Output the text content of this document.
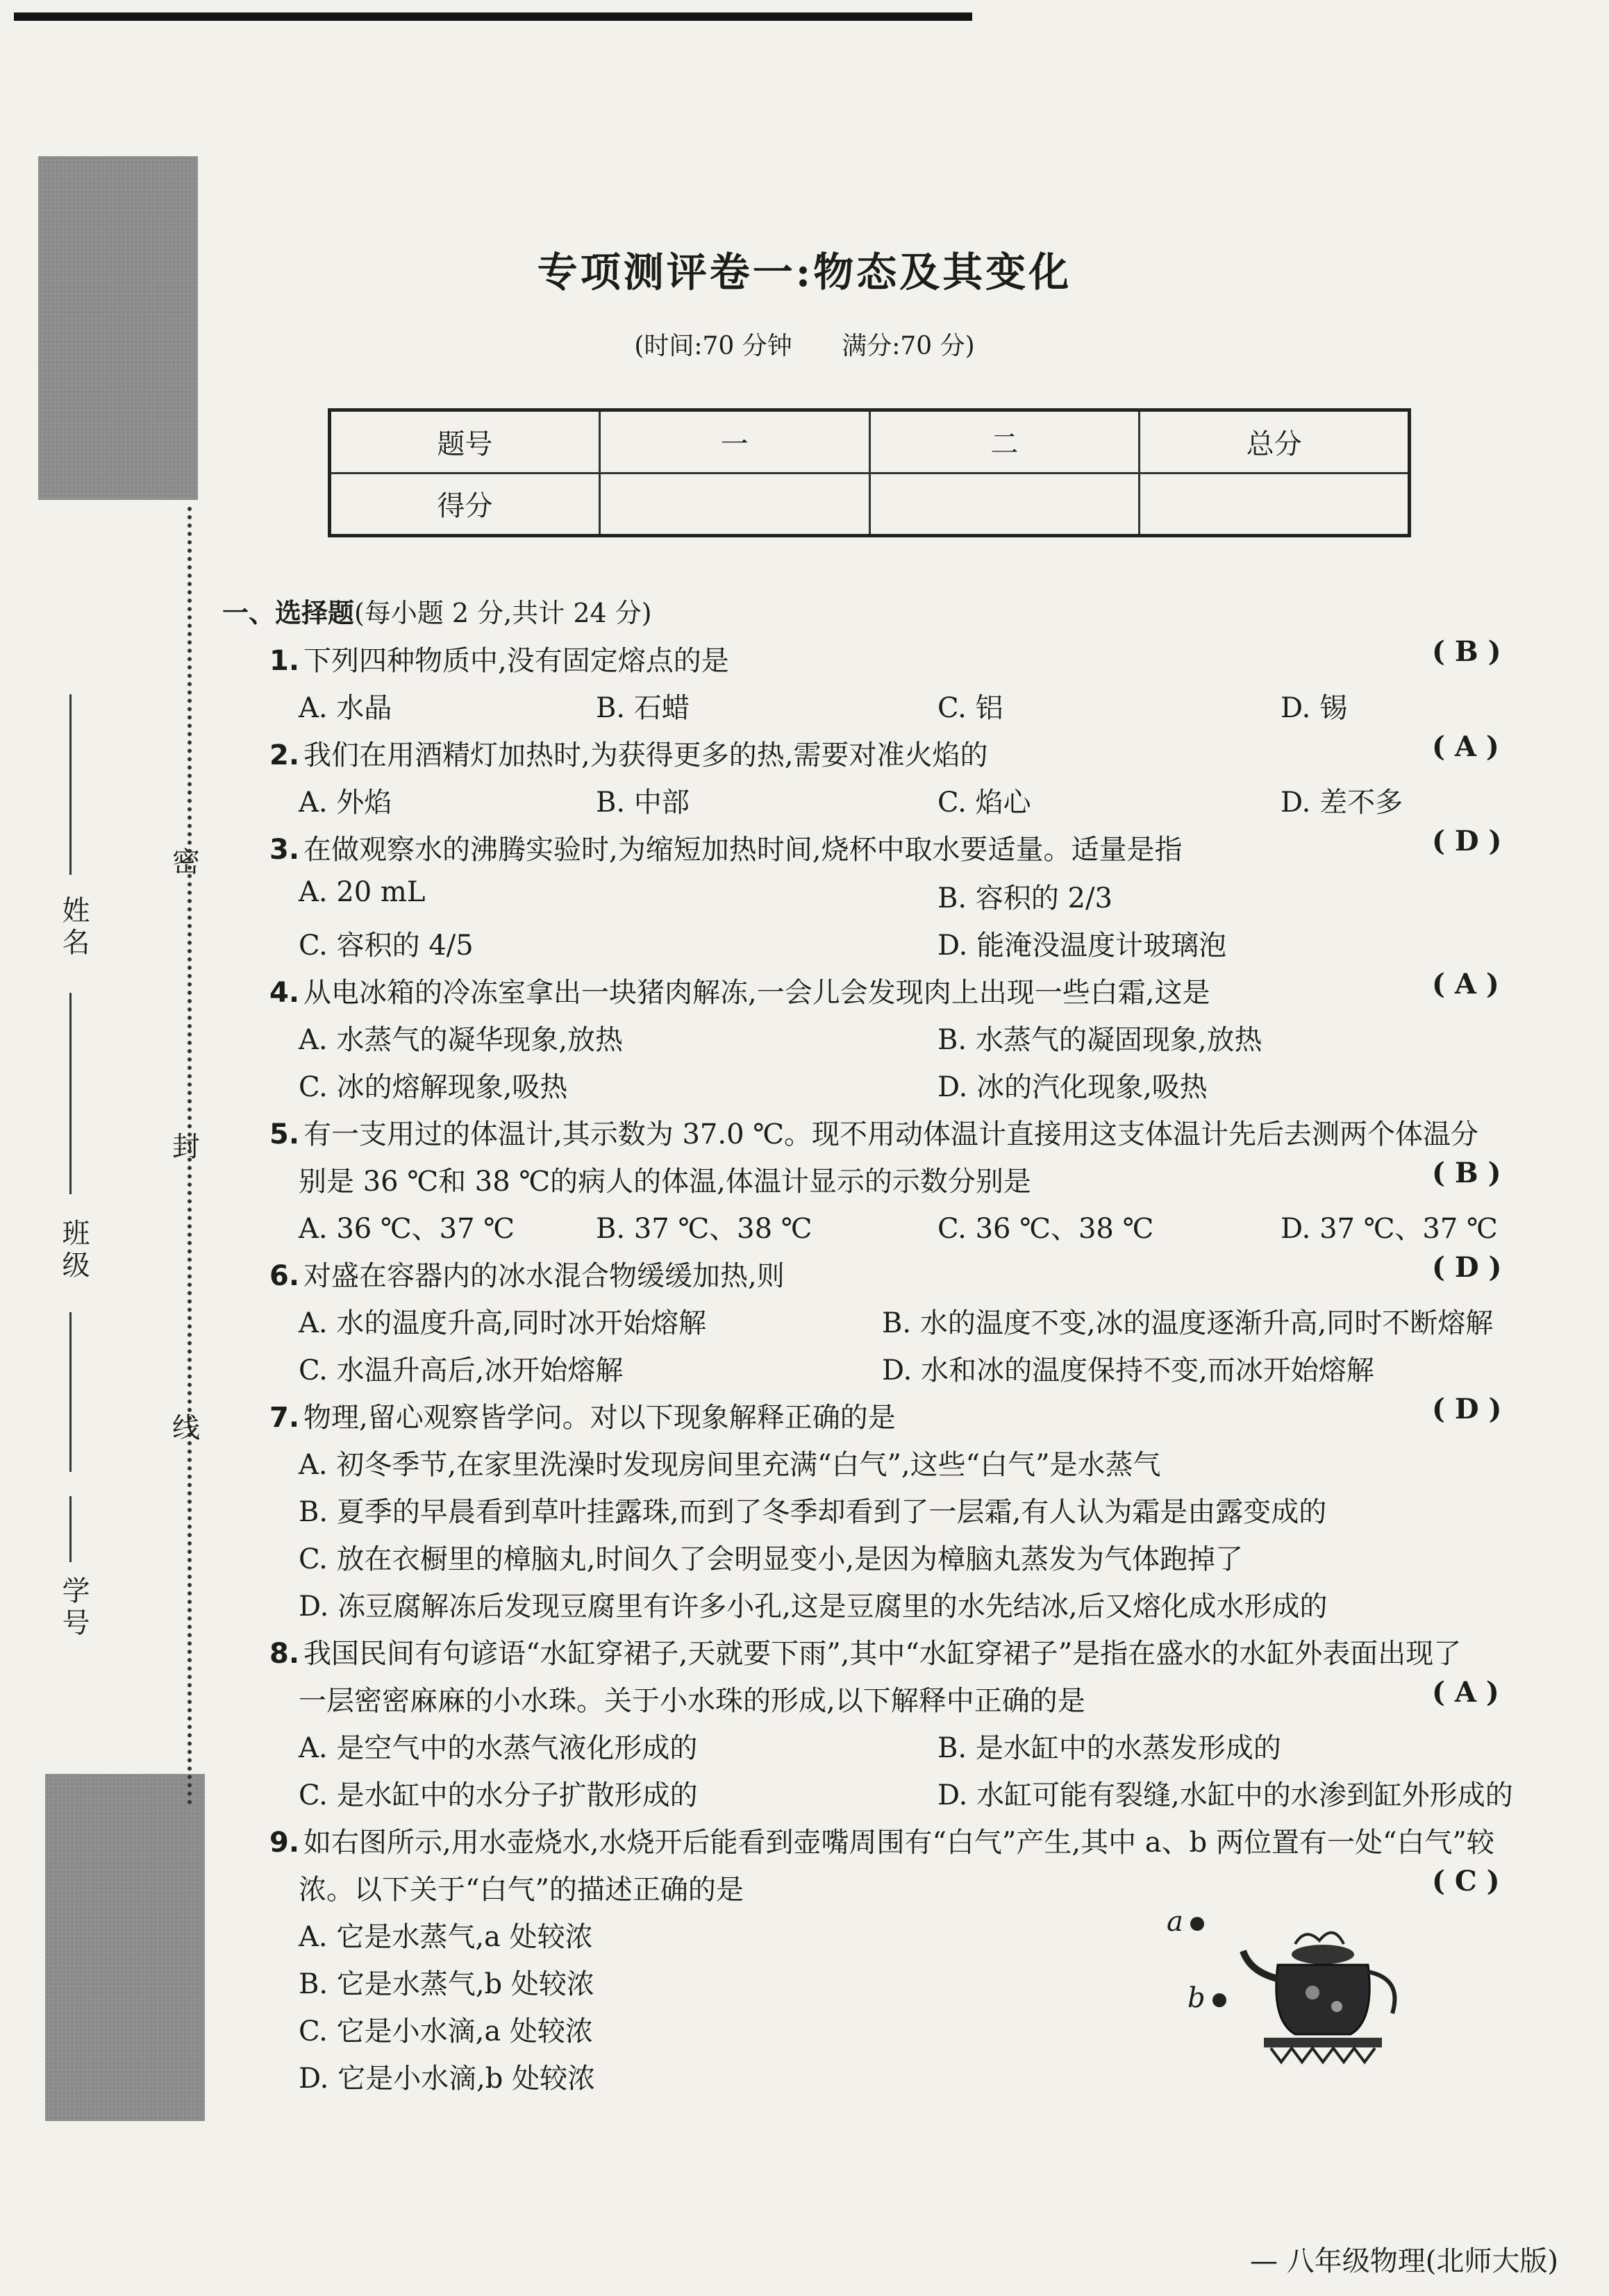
姓名
班级
学号
密
封
线
专项测评卷一:物态及其变化
(时间:70 分钟 满分:70 分)
题号	一	二	总分
得分			
一、选择题(每小题 2 分,共计 24 分)
1. 下列四种物质中,没有固定熔点的是	( B )
A. 水晶	B. 石蜡	C. 铝	D. 锡
2. 我们在用酒精灯加热时,为获得更多的热,需要对准火焰的	( A )
A. 外焰	B. 中部	C. 焰心	D. 差不多
3. 在做观察水的沸腾实验时,为缩短加热时间,烧杯中取水要适量。适量是指	( D )
A. 20 mL	B. 容积的 2/3
C. 容积的 4/5	D. 能淹没温度计玻璃泡
4. 从电冰箱的冷冻室拿出一块猪肉解冻,一会儿会发现肉上出现一些白霜,这是	( A )
A. 水蒸气的凝华现象,放热	B. 水蒸气的凝固现象,放热
C. 冰的熔解现象,吸热	D. 冰的汽化现象,吸热
5. 有一支用过的体温计,其示数为 37.0 ℃。现不用动体温计直接用这支体温计先后去测两个体温分
别是 36 ℃和 38 ℃的病人的体温,体温计显示的示数分别是	( B )
A. 36 ℃、37 ℃	B. 37 ℃、38 ℃	C. 36 ℃、38 ℃	D. 37 ℃、37 ℃
6. 对盛在容器内的冰水混合物缓缓加热,则	( D )
A. 水的温度升高,同时冰开始熔解	B. 水的温度不变,冰的温度逐渐升高,同时不断熔解
C. 水温升高后,冰开始熔解	D. 水和冰的温度保持不变,而冰开始熔解
7. 物理,留心观察皆学问。对以下现象解释正确的是	( D )
A. 初冬季节,在家里洗澡时发现房间里充满“白气”,这些“白气”是水蒸气
B. 夏季的早晨看到草叶挂露珠,而到了冬季却看到了一层霜,有人认为霜是由露变成的
C. 放在衣橱里的樟脑丸,时间久了会明显变小,是因为樟脑丸蒸发为气体跑掉了
D. 冻豆腐解冻后发现豆腐里有许多小孔,这是豆腐里的水先结冰,后又熔化成水形成的
8. 我国民间有句谚语“水缸穿裙子,天就要下雨”,其中“水缸穿裙子”是指在盛水的水缸外表面出现了
一层密密麻麻的小水珠。关于小水珠的形成,以下解释中正确的是	( A )
A. 是空气中的水蒸气液化形成的	B. 是水缸中的水蒸发形成的
C. 是水缸中的水分子扩散形成的	D. 水缸可能有裂缝,水缸中的水渗到缸外形成的
9. 如右图所示,用水壶烧水,水烧开后能看到壶嘴周围有“白气”产生,其中 a、b 两位置有一处“白气”较
浓。以下关于“白气”的描述正确的是	( C )
A. 它是水蒸气,a 处较浓
B. 它是水蒸气,b 处较浓
C. 它是小水滴,a 处较浓
D. 它是小水滴,b 处较浓
a
b
— 八年级物理(北师大版)
